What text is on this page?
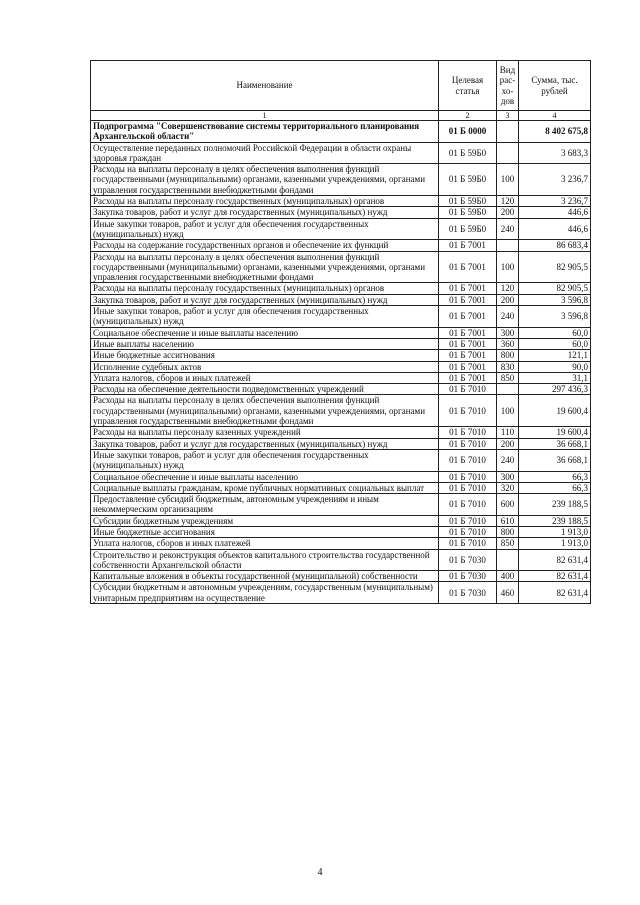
Наименование	Целевая статья	Вид рас-хо-дов	Сумма, тыс. рублей
1	2	3	4
Подпрограмма "Совершенствование системы территориального планирования Архангельской области"	01 Б 0000		8 402 675,8
Осуществление переданных полномочий Российской Федерации в области охраны здоровья граждан	01 Б 59Б0		3 683,3
Расходы на выплаты персоналу в целях обеспечения выполнения функций государственными (муниципальными) органами, казенными учреждениями, органами управления государственными внебюджетными фондами	01 Б 59Б0	100	3 236,7
Расходы на выплаты персоналу государственных (муниципальных) органов	01 Б 59Б0	120	3 236,7
Закупка товаров, работ и услуг для государственных (муниципальных) нужд	01 Б 59Б0	200	446,6
Иные закупки товаров, работ и услуг для обеспечения государственных (муниципальных) нужд	01 Б 59Б0	240	446,6
Расходы на содержание государственных органов и обеспечение их функций	01 Б 7001		86 683,4
Расходы на выплаты персоналу в целях обеспечения выполнения функций государственными (муниципальными) органами, казенными учреждениями, органами управления государственными внебюджетными фондами	01 Б 7001	100	82 905,5
Расходы на выплаты персоналу государственных (муниципальных) органов	01 Б 7001	120	82 905,5
Закупка товаров, работ и услуг для государственных (муниципальных) нужд	01 Б 7001	200	3 596,8
Иные закупки товаров, работ и услуг для обеспечения государственных (муниципальных) нужд	01 Б 7001	240	3 596,8
Социальное обеспечение и иные выплаты населению	01 Б 7001	300	60,0
Иные выплаты населению	01 Б 7001	360	60,0
Иные бюджетные ассигнования	01 Б 7001	800	121,1
Исполнение судебных актов	01 Б 7001	830	90,0
Уплата налогов, сборов и иных платежей	01 Б 7001	850	31,1
Расходы на обеспечение деятельности подведомственных учреждений	01 Б 7010		297 436,3
Расходы на выплаты персоналу в целях обеспечения выполнения функций государственными (муниципальными) органами, казенными учреждениями, органами управления государственными внебюджетными фондами	01 Б 7010	100	19 600,4
Расходы на выплаты персоналу казенных учреждений	01 Б 7010	110	19 600,4
Закупка товаров, работ и услуг для государственных (муниципальных) нужд	01 Б 7010	200	36 668,1
Иные закупки товаров, работ и услуг для обеспечения государственных (муниципальных) нужд	01 Б 7010	240	36 668,1
Социальное обеспечение и иные выплаты населению	01 Б 7010	300	66,3
Социальные выплаты гражданам, кроме публичных нормативных социальных выплат	01 Б 7010	320	66,3
Предоставление субсидий бюджетным, автономным учреждениям и иным некоммерческим организациям	01 Б 7010	600	239 188,5
Субсидии бюджетным учреждениям	01 Б 7010	610	239 188,5
Иные бюджетные ассигнования	01 Б 7010	800	1 913,0
Уплата налогов, сборов и иных платежей	01 Б 7010	850	1 913,0
Строительство и реконструкция объектов капитального строительства государственной собственности Архангельской области	01 Б 7030		82 631,4
Капитальные вложения в объекты государственной (муниципальной) собственности	01 Б 7030	400	82 631,4
Субсидии бюджетным и автономным учреждениям, государственным (муниципальным) унитарным предприятиям на осуществление	01 Б 7030	460	82 631,4
4
